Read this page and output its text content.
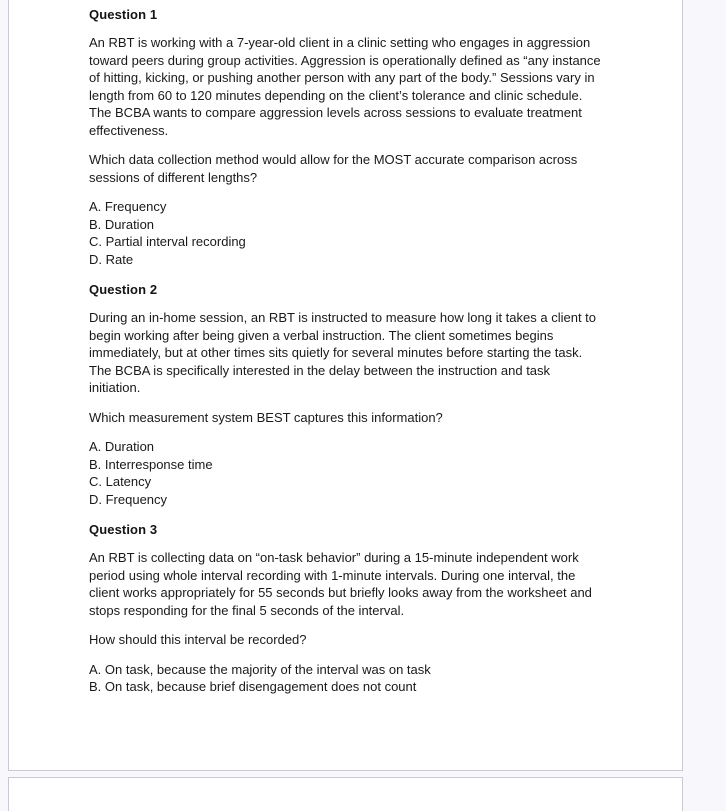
Question 1

An RBT is working with a 7-year-old client in a clinic setting who engages in aggression toward peers during group activities. Aggression is operationally defined as “any instance of hitting, kicking, or pushing another person with any part of the body.” Sessions vary in length from 60 to 120 minutes depending on the client’s tolerance and clinic schedule. The BCBA wants to compare aggression levels across sessions to evaluate treatment effectiveness.

Which data collection method would allow for the MOST accurate comparison across sessions of different lengths?

A. Frequency
B. Duration
C. Partial interval recording
D. Rate
Question 2

During an in-home session, an RBT is instructed to measure how long it takes a client to begin working after being given a verbal instruction. The client sometimes begins immediately, but at other times sits quietly for several minutes before starting the task. The BCBA is specifically interested in the delay between the instruction and task initiation.

Which measurement system BEST captures this information?

A. Duration
B. Interresponse time
C. Latency
D. Frequency
Question 3

An RBT is collecting data on “on-task behavior” during a 15-minute independent work period using whole interval recording with 1-minute intervals. During one interval, the client works appropriately for 55 seconds but briefly looks away from the worksheet and stops responding for the final 5 seconds of the interval.

How should this interval be recorded?

A. On task, because the majority of the interval was on task
B. On task, because brief disengagement does not count
